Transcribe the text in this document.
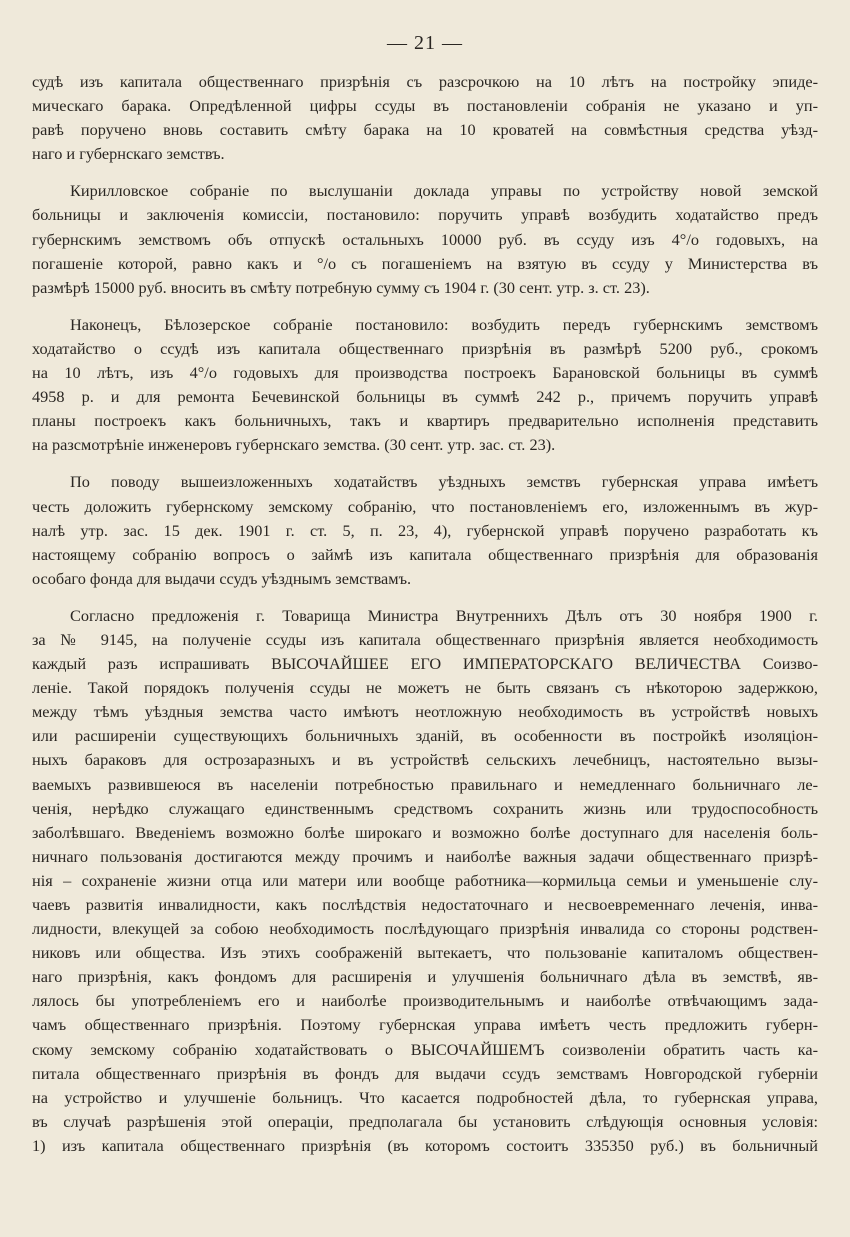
— 21 —
судѣ изъ капитала общественнаго призрѣнія съ разсрочкою на 10 лѣтъ на постройку эпиде-
мическаго барака. Опредѣленной цифры ссуды въ постановленіи собранія не указано и уп-
равѣ поручено вновь составить смѣту барака на 10 кроватей на совмѣстныя средства уѣзд-
наго и губернскаго земствъ.
Кирилловское собраніе по выслушаніи доклада управы по устройству новой земской
больницы и заключенія комиссіи, постановило: поручить управѣ возбудить ходатайство предъ
губернскимъ земствомъ объ отпускѣ остальныхъ 10000 руб. въ ссуду изъ 4°/о годовыхъ, на
погашеніе которой, равно какъ и °/о съ погашеніемъ на взятую въ ссуду у Министерства въ
размѣрѣ 15000 руб. вносить въ смѣту потребную сумму съ 1904 г. (30 сент. утр. з. ст. 23).
Наконецъ, Бѣлозерское собраніе постановило: возбудить передъ губернскимъ земствомъ
ходатайство о ссудѣ изъ капитала общественнаго призрѣнія въ размѣрѣ 5200 руб., срокомъ
на 10 лѣтъ, изъ 4°/о годовыхъ для производства построекъ Барановской больницы въ суммѣ
4958 р. и для ремонта Бечевинской больницы въ суммѣ 242 р., причемъ поручить управѣ
планы построекъ какъ больничныхъ, такъ и квартиръ предварительно исполненія представить
на разсмотрѣніе инженеровъ губернскаго земства. (30 сент. утр. зас. ст. 23).
По поводу вышеизложенныхъ ходатайствъ уѣздныхъ земствъ губернская управа имѣетъ
честь доложить губернскому земскому собранію, что постановленіемъ его, изложеннымъ въ жур-
налѣ утр. зас. 15 дек. 1901 г. ст. 5, п. 23, 4), губернской управѣ поручено разработать къ
настоящему собранію вопросъ о займѣ изъ капитала общественнаго призрѣнія для образованія
особаго фонда для выдачи ссудъ уѣзднымъ земствамъ.
Согласно предложенія г. Товарища Министра Внутреннихъ Дѣлъ отъ 30 ноября 1900 г.
за № 9145, на полученіе ссуды изъ капитала общественнаго призрѣнія является необходимость
каждый разъ испрашивать ВЫСОЧАЙШЕЕ ЕГО ИМПЕРАТОРСКАГО ВЕЛИЧЕСТВА Соизво-
леніе. Такой порядокъ полученія ссуды не можетъ не быть связанъ съ нѣкоторою задержкою,
между тѣмъ уѣздныя земства часто имѣютъ неотложную необходимость въ устройствѣ новыхъ
или расширеніи существующихъ больничныхъ зданій, въ особенности въ постройкѣ изоляціон-
ныхъ бараковъ для острозаразныхъ и въ устройствѣ сельскихъ лечебницъ, настоятельно вызы-
ваемыхъ развившеюся въ населеніи потребностью правильнаго и немедленнаго больничнаго ле-
ченія, нерѣдко служащаго единственнымъ средствомъ сохранить жизнь или трудоспособность
заболѣвшаго. Введеніемъ возможно болѣе широкаго и возможно болѣе доступнаго для населенія боль-
ничнаго пользованія достигаются между прочимъ и наиболѣе важныя задачи общественнаго призрѣ-
нія – сохраненіе жизни отца или матери или вообще работника—кормильца семьи и уменьшеніе слу-
чаевъ развитія инвалидности, какъ послѣдствія недостаточнаго и несвоевременнаго леченія, инва-
лидности, влекущей за собою необходимость послѣдующаго призрѣнія инвалида со стороны родствен-
никовъ или общества. Изъ этихъ соображеній вытекаетъ, что пользованіе капиталомъ обществен-
наго призрѣнія, какъ фондомъ для расширенія и улучшенія больничнаго дѣла въ земствѣ, яв-
лялось бы употребленіемъ его и наиболѣе производительнымъ и наиболѣе отвѣчающимъ зада-
чамъ общественнаго призрѣнія. Поэтому губернская управа имѣетъ честь предложить губерн-
скому земскому собранію ходатайствовать о ВЫСОЧАЙШЕМЪ соизволеніи обратить часть ка-
питала общественнаго призрѣнія въ фондъ для выдачи ссудъ земствамъ Новгородской губерніи
на устройство и улучшеніе больницъ. Что касается подробностей дѣла, то губернская управа,
въ случаѣ разрѣшенія этой операціи, предполагала бы установить слѣдующія основныя условія:
1) изъ капитала общественнаго призрѣнія (въ которомъ состоитъ 335350 руб.) въ больничный
